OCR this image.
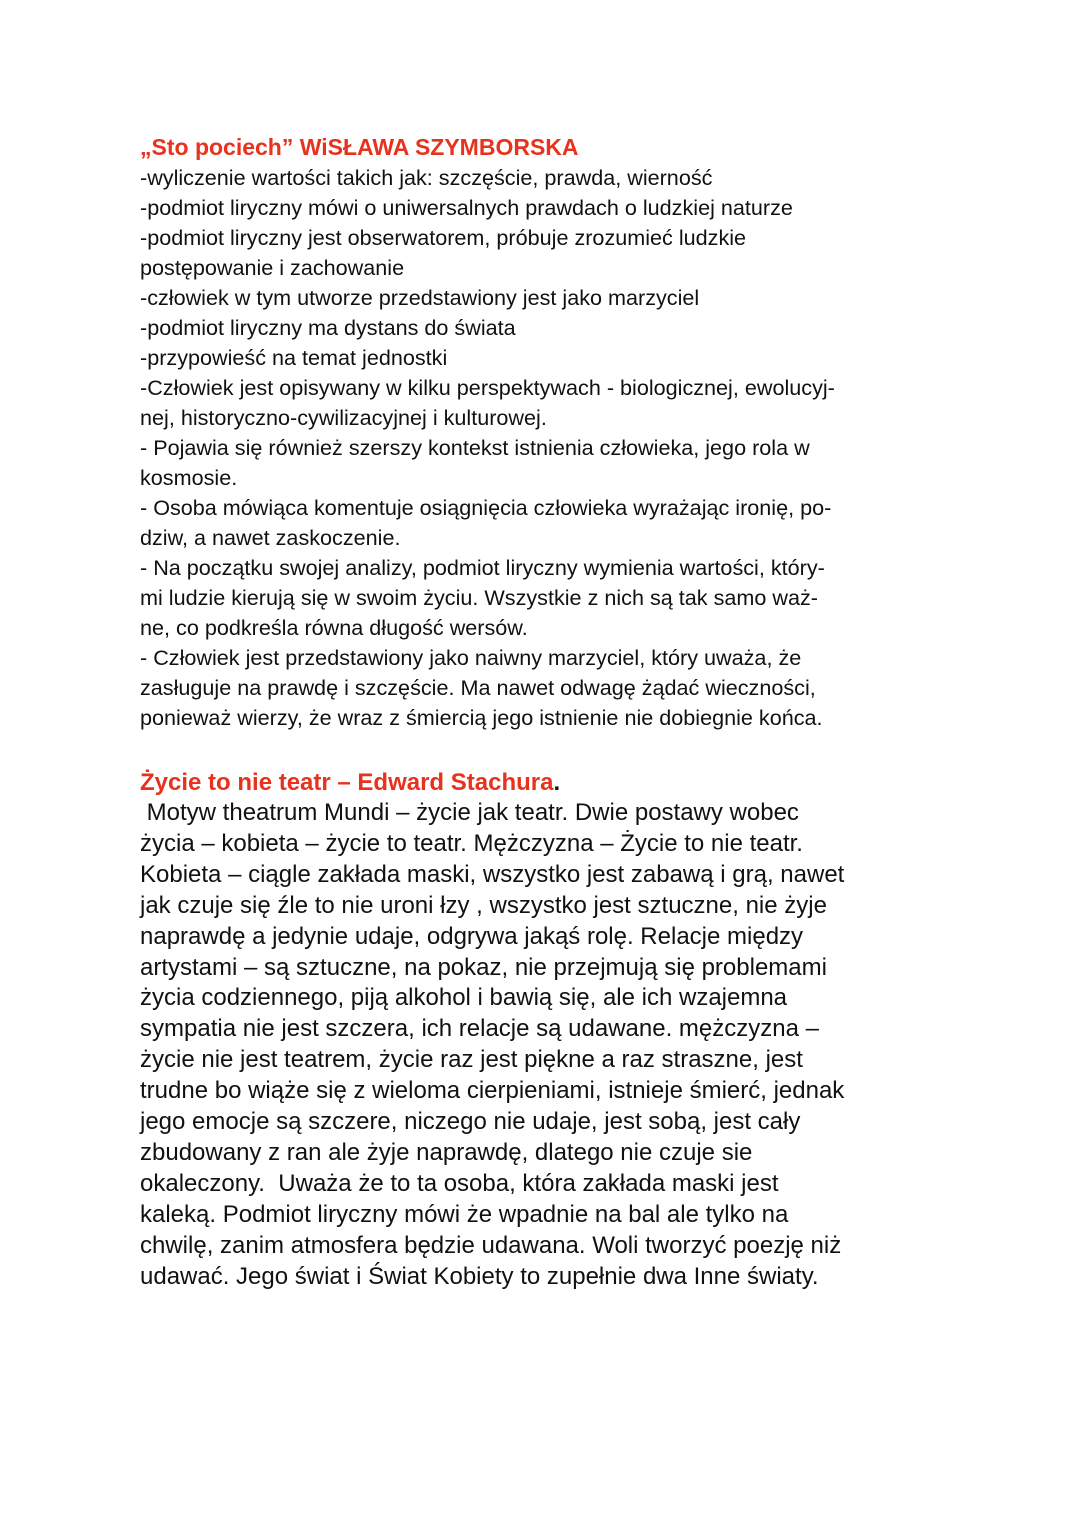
„Sto pociech” WiSŁAWA SZYMBORSKA
-wyliczenie wartości takich jak: szczęście, prawda, wierność
-podmiot liryczny mówi o uniwersalnych prawdach o ludzkiej naturze
-podmiot liryczny jest obserwatorem, próbuje zrozumieć ludzkie
postępowanie i zachowanie
-człowiek w tym utworze przedstawiony jest jako marzyciel
-podmiot liryczny ma dystans do świata
-przypowieść na temat jednostki
-Człowiek jest opisywany w kilku perspektywach - biologicznej, ewolucyj-
nej, historyczno-cywilizacyjnej i kulturowej.
- Pojawia się również szerszy kontekst istnienia człowieka, jego rola w
kosmosie.
- Osoba mówiąca komentuje osiągnięcia człowieka wyrażając ironię, po-
dziw, a nawet zaskoczenie.
- Na początku swojej analizy, podmiot liryczny wymienia wartości, który-
mi ludzie kierują się w swoim życiu. Wszystkie z nich są tak samo waż-
ne, co podkreśla równa długość wersów.
- Człowiek jest przedstawiony jako naiwny marzyciel, który uważa, że
zasługuje na prawdę i szczęście. Ma nawet odwagę żądać wieczności,
ponieważ wierzy, że wraz z śmiercią jego istnienie nie dobiegnie końca.
Życie to nie teatr – Edward Stachura.
Motyw theatrum Mundi – życie jak teatr. Dwie postawy wobec
życia – kobieta – życie to teatr. Mężczyzna – Życie to nie teatr.
Kobieta – ciągle zakłada maski, wszystko jest zabawą i grą, nawet
jak czuje się źle to nie uroni łzy , wszystko jest sztuczne, nie żyje
naprawdę a jedynie udaje, odgrywa jakąś rolę. Relacje między
artystami – są sztuczne, na pokaz, nie przejmują się problemami
życia codziennego, piją alkohol i bawią się, ale ich wzajemna
sympatia nie jest szczera, ich relacje są udawane. mężczyzna –
życie nie jest teatrem, życie raz jest piękne a raz straszne, jest
trudne bo wiąże się z wieloma cierpieniami, istnieje śmierć, jednak
jego emocje są szczere, niczego nie udaje, jest sobą, jest cały
zbudowany z ran ale żyje naprawdę, dlatego nie czuje sie
okaleczony.  Uważa że to ta osoba, która zakłada maski jest
kaleką. Podmiot liryczny mówi że wpadnie na bal ale tylko na
chwilę, zanim atmosfera będzie udawana. Woli tworzyć poezję niż
udawać. Jego świat i Świat Kobiety to zupełnie dwa Inne światy.
